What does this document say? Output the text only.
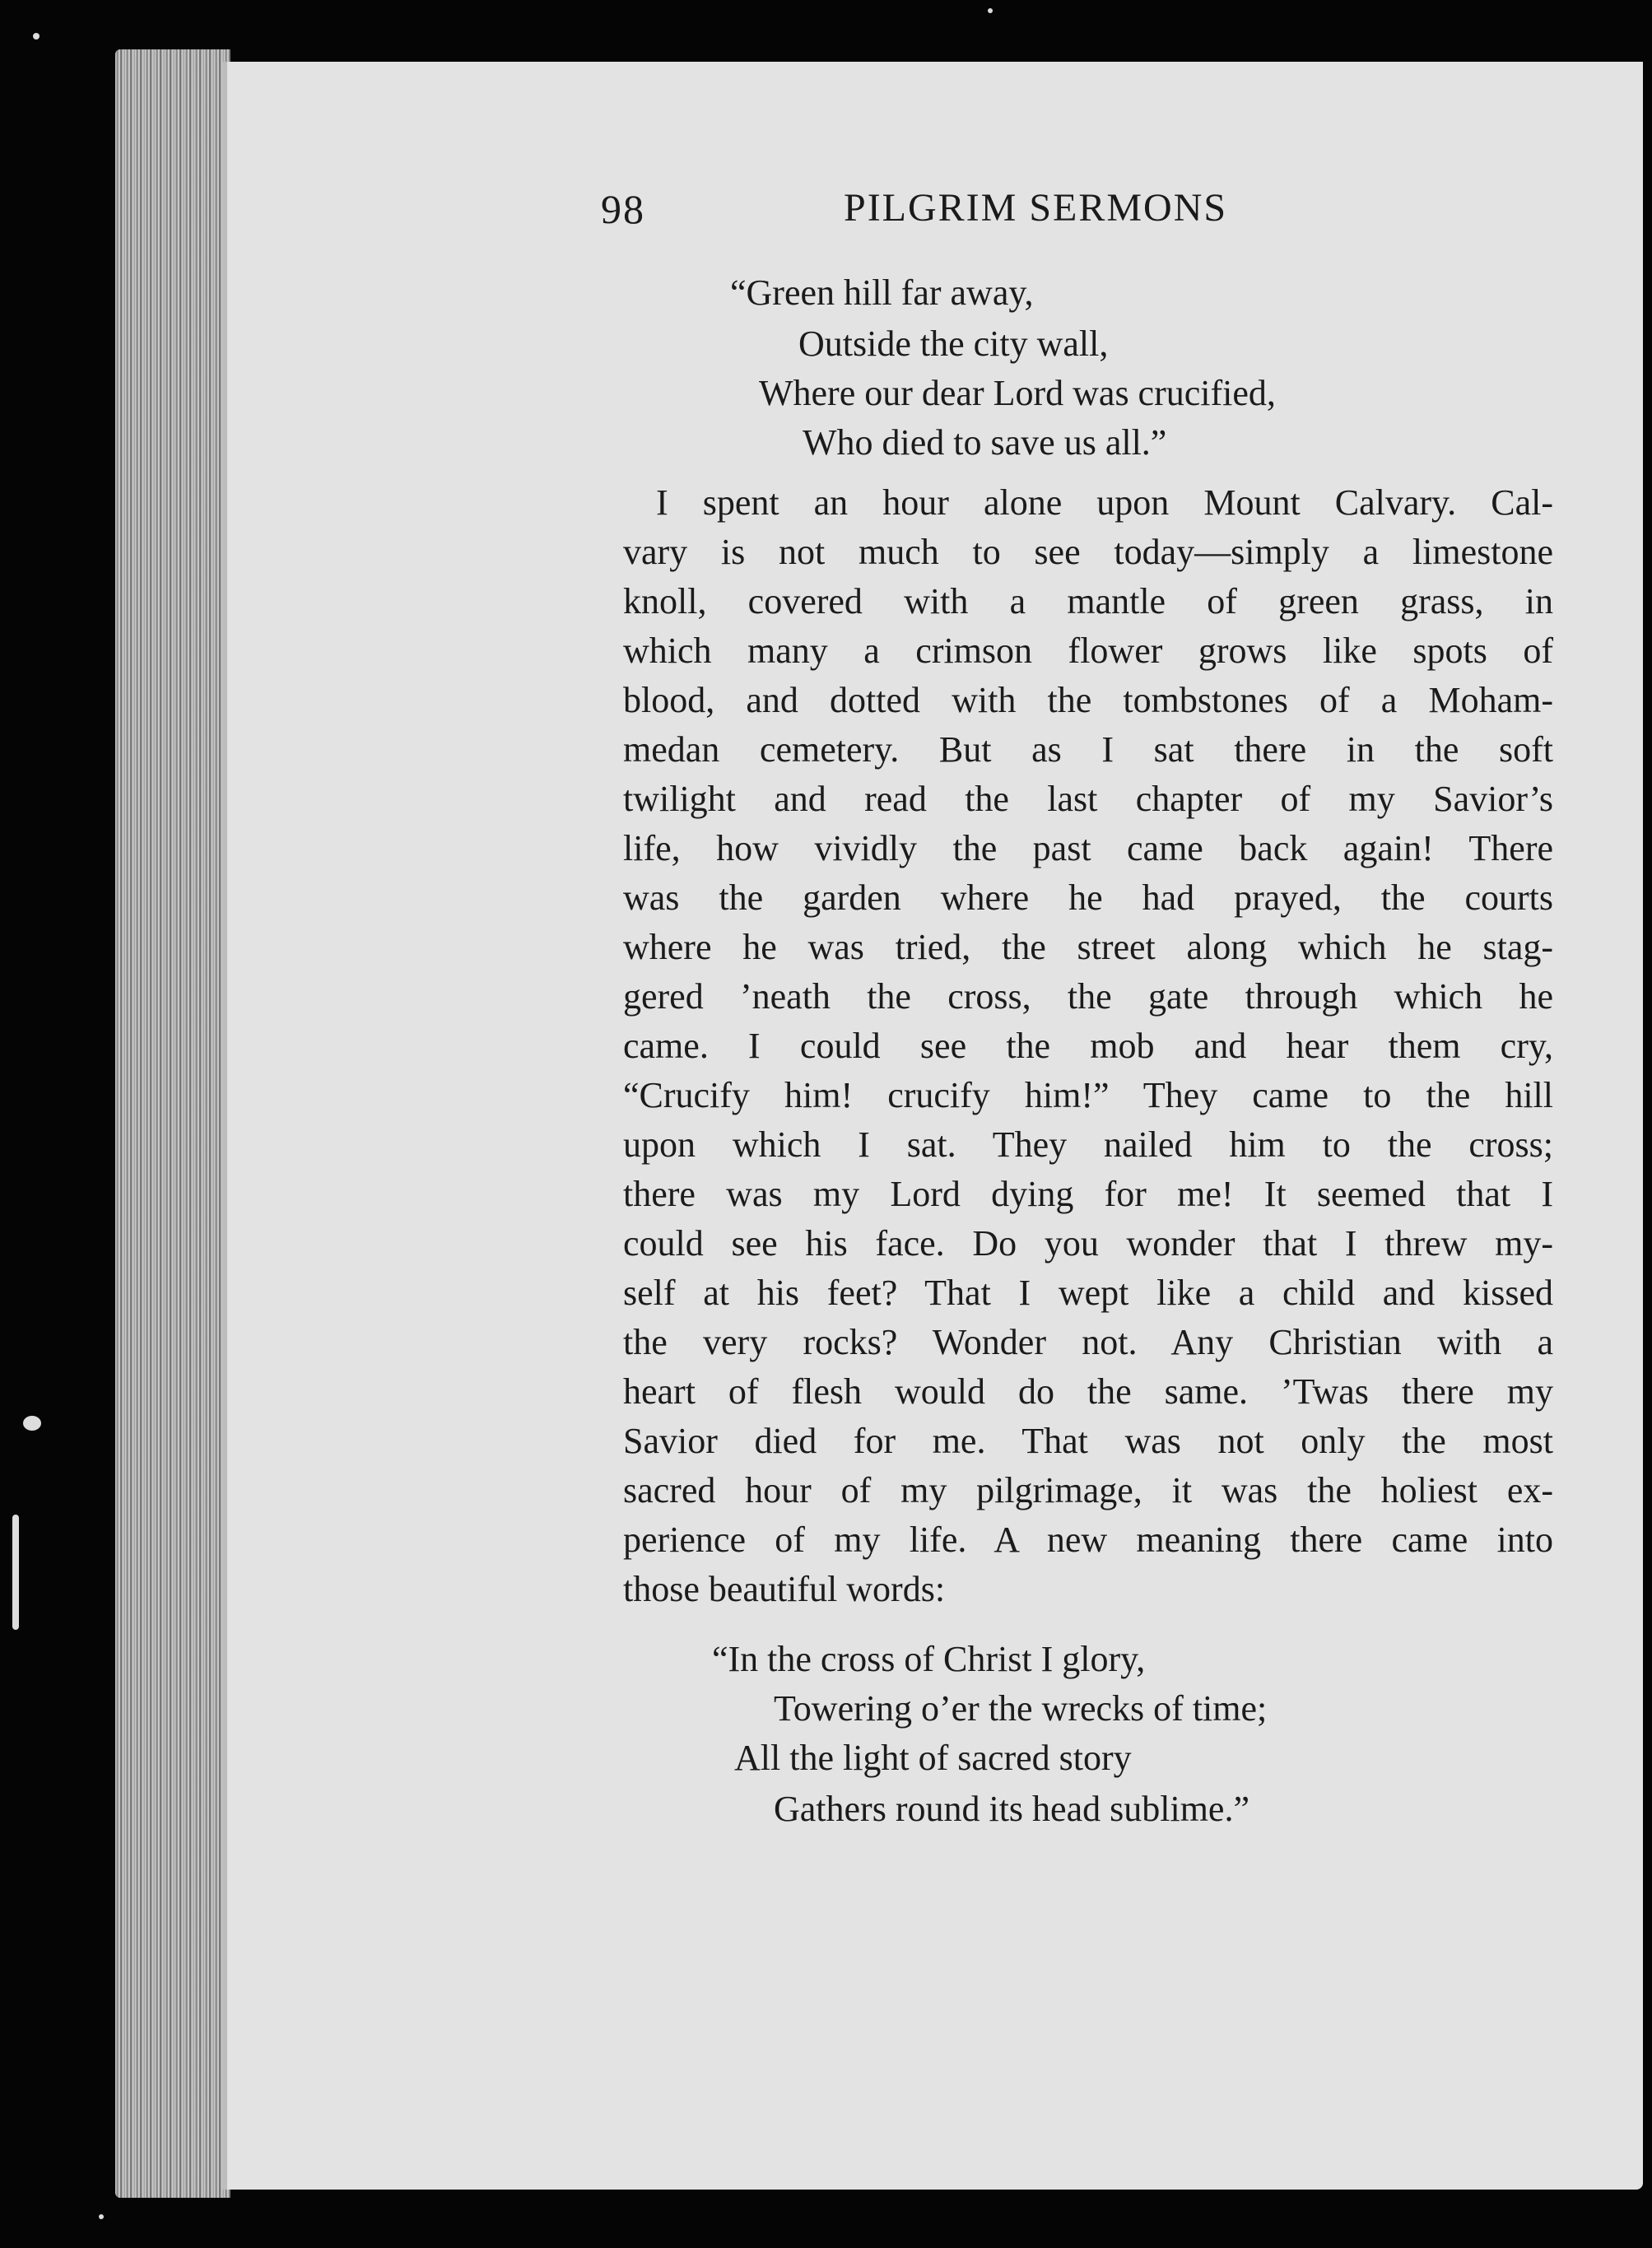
98	PILGRIM SERMONS
“Green hill far away,
Outside the city wall,
Where our dear Lord was crucified,
Who died to save us all.”
I spent an hour alone upon Mount Calvary. Cal-
vary is not much to see today—simply a limestone
knoll, covered with a mantle of green grass, in
which many a crimson flower grows like spots of
blood, and dotted with the tombstones of a Moham-
medan cemetery. But as I sat there in the soft
twilight and read the last chapter of my Savior’s
life, how vividly the past came back again! There
was the garden where he had prayed, the courts
where he was tried, the street along which he stag-
gered ’neath the cross, the gate through which he
came. I could see the mob and hear them cry,
“Crucify him! crucify him!” They came to the hill
upon which I sat. They nailed him to the cross;
there was my Lord dying for me! It seemed that I
could see his face. Do you wonder that I threw my-
self at his feet? That I wept like a child and kissed
the very rocks? Wonder not. Any Christian with a
heart of flesh would do the same. ’Twas there my
Savior died for me. That was not only the most
sacred hour of my pilgrimage, it was the holiest ex-
perience of my life. A new meaning there came into
those beautiful words:
“In the cross of Christ I glory,
Towering o’er the wrecks of time;
All the light of sacred story
Gathers round its head sublime.”
